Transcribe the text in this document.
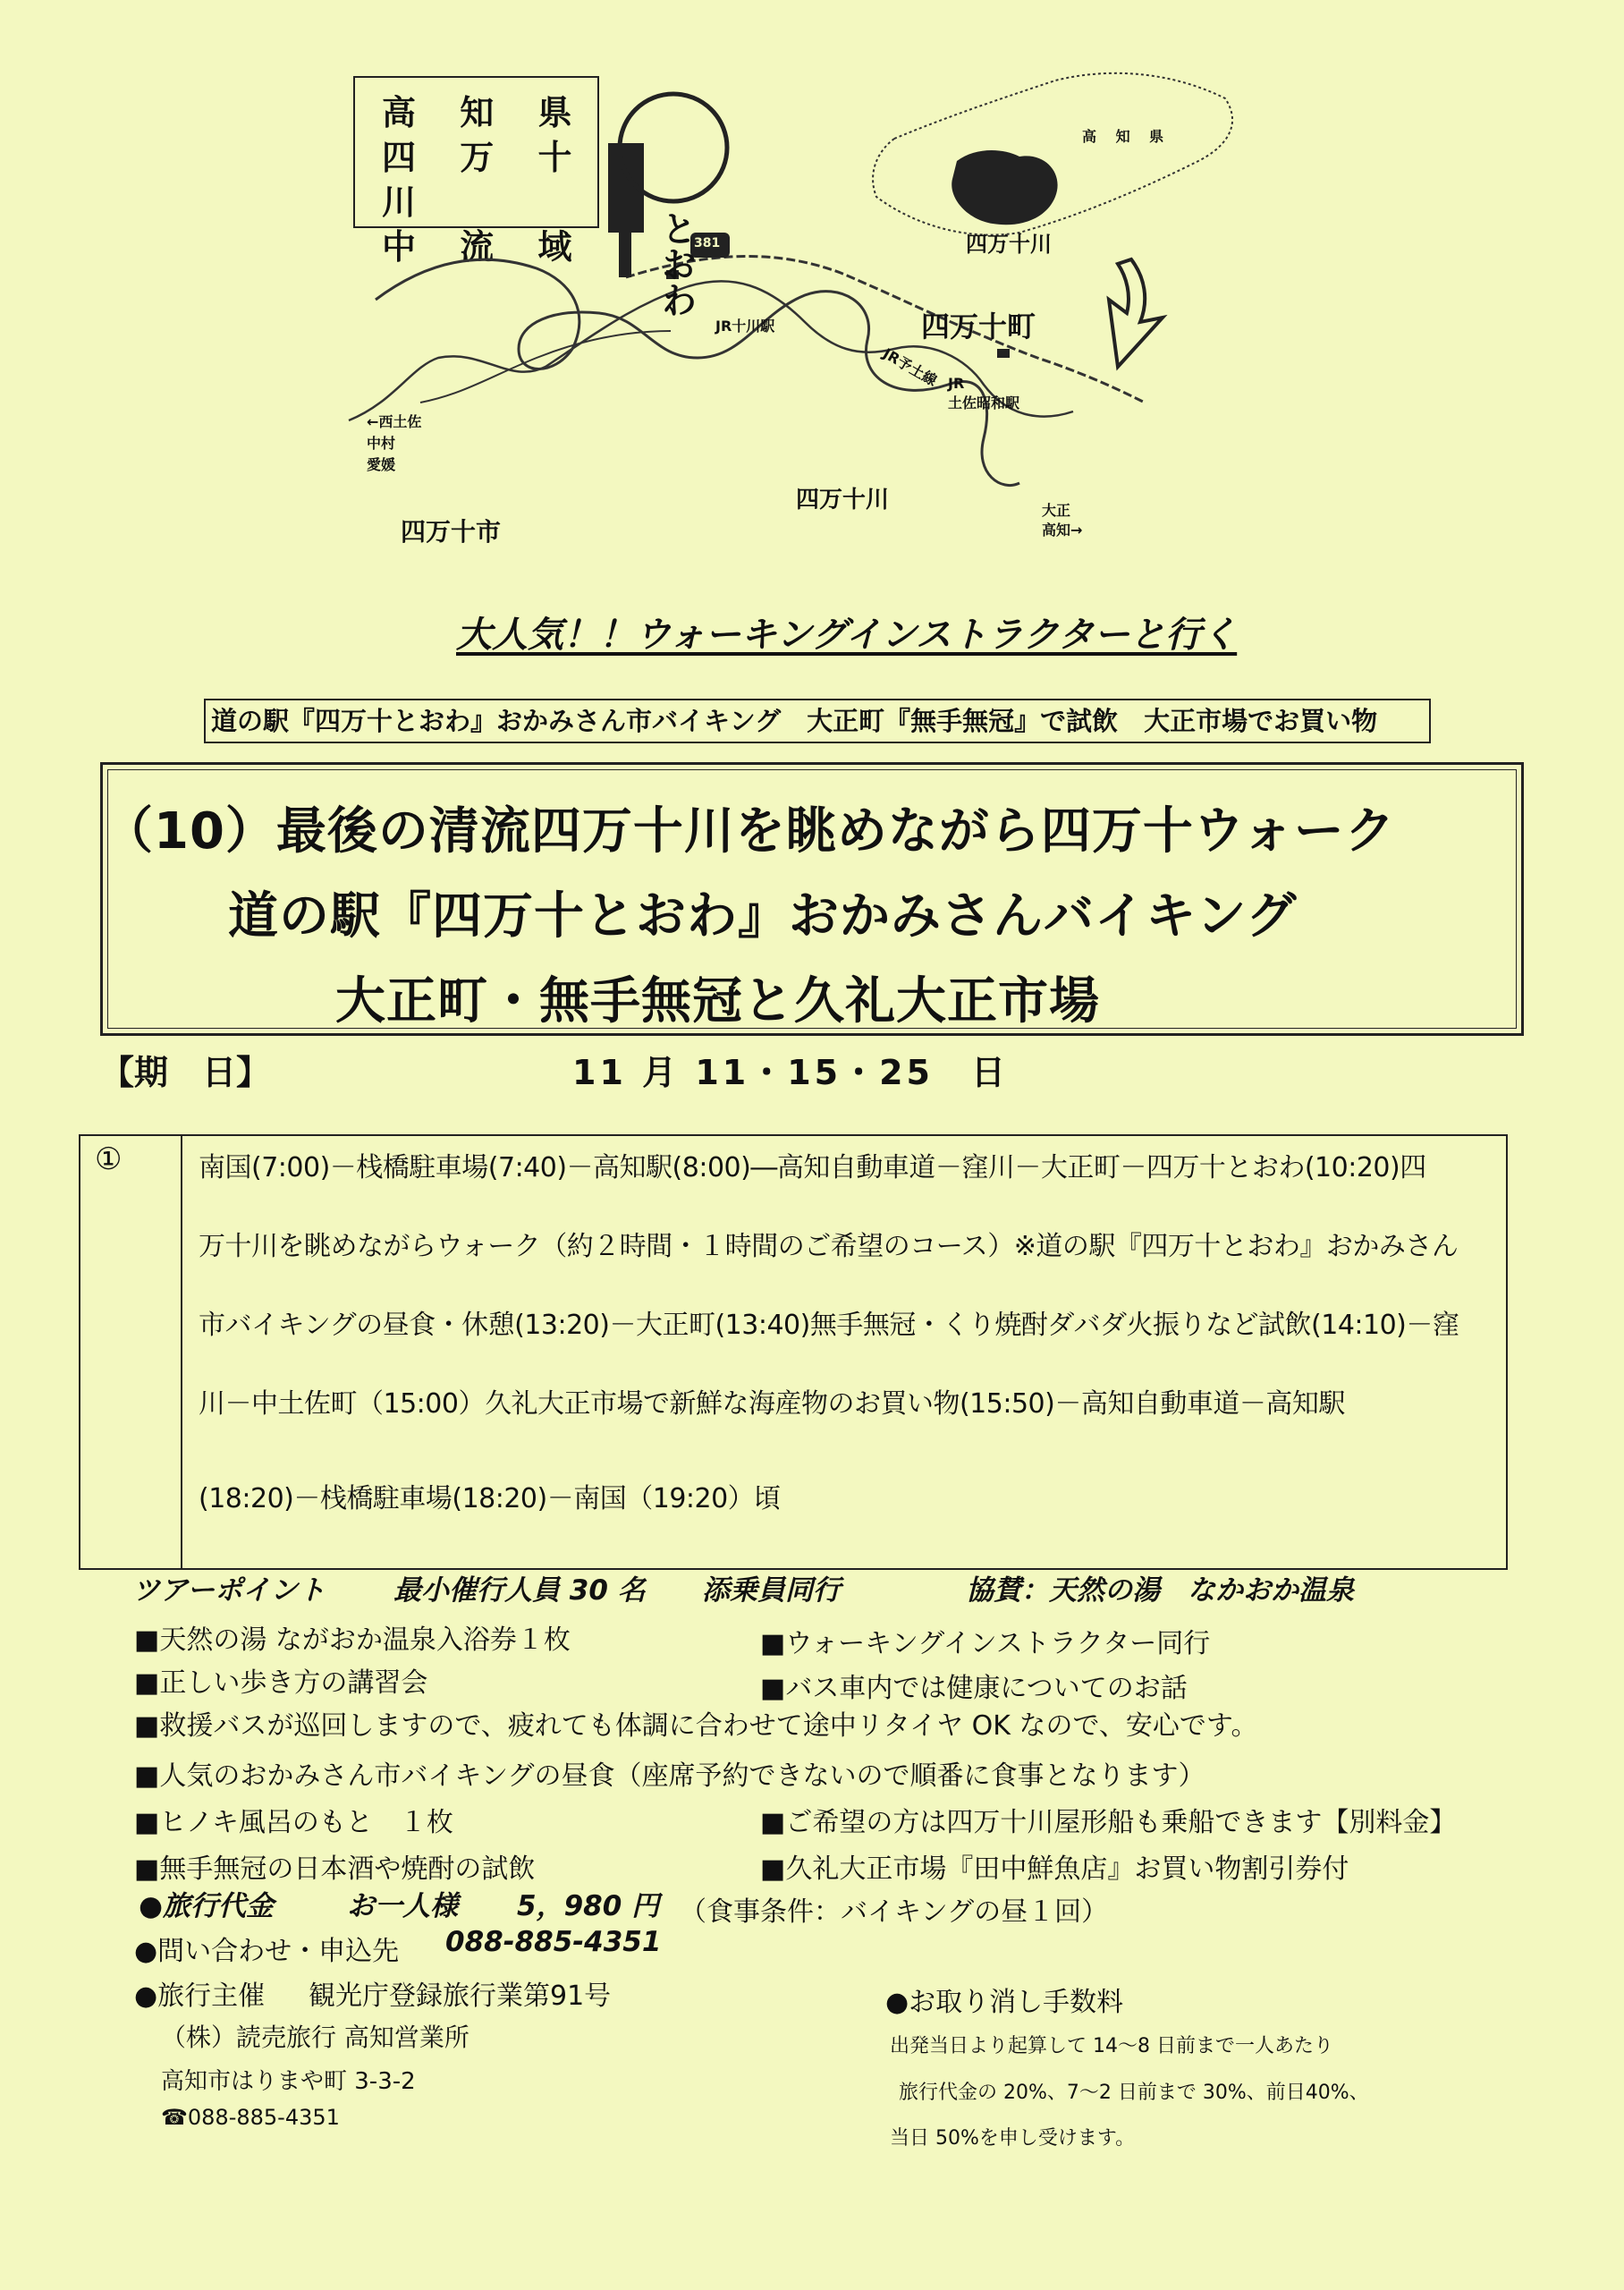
高 知 県
四 万 十 川
中 流 域
高 知 県
四万十川
四万十町
JR十川駅
JR予土線 JR
土佐昭和駅
←西土佐
中村
愛媛
四万十市
四万十川	大正
高知→
381
とおわ
大人気！！ウォーキングインストラクターと行く
道の駅『四万十とおわ』おかみさん市バイキング　大正町『無手無冠』で試飲　大正市場でお買い物
（10）最後の清流四万十川を眺めながら四万十ウォーク
道の駅『四万十とおわ』おかみさんバイキング
大正町・無手無冠と久礼大正市場
【期　日】	11 月 11・15・25　日
①	南国(7:00)－栈橋駐車場(7:40)－高知駅(8:00)―高知自動車道－窪川－大正町－四万十とおわ(10:20)四
万十川を眺めながらウォーク（約２時間・１時間のご希望のコース）※道の駅『四万十とおわ』おかみさん
市バイキングの昼食・休憩(13:20)－大正町(13:40)無手無冠・くり焼酎ダバダ火振りなど試飲(14:10)－窪
川－中土佐町（15:00）久礼大正市場で新鮮な海産物のお買い物(15:50)－高知自動車道－高知駅
(18:20)－栈橋駐車場(18:20)－南国（19:20）頃
ツアーポイント 最小催行人員 30 名 添乗員同行	協賛：天然の湯　なかおか温泉
■天然の湯 ながおか温泉入浴券１枚
■正しい歩き方の講習会
■救援バスが巡回しますので、疲れても体調に合わせて途中リタイヤ OK なので、安心です。
■人気のおかみさん市バイキングの昼食（座席予約できないので順番に食事となります）
■ヒノキ風呂のもと　１枚
■無手無冠の日本酒や焼酎の試飲
■ウォーキングインストラクター同行
■バス車内では健康についてのお話
■ご希望の方は四万十川屋形船も乗船できます【別料金】
■久礼大正市場『田中鮮魚店』お買い物割引券付
●旅行代金	お一人様 5，980 円 （食事条件：バイキングの昼１回）
●問い合わせ・申込先 088-885-4351
●旅行主催 観光庁登録旅行業第91号
（株）読売旅行 高知営業所
高知市はりまや町 3-3-2
☎088-885-4351
●お取り消し手数料
出発当日より起算して 14～8 日前まで一人あたり
旅行代金の 20%、7～2 日前まで 30%、前日40%、
当日 50%を申し受けます。
